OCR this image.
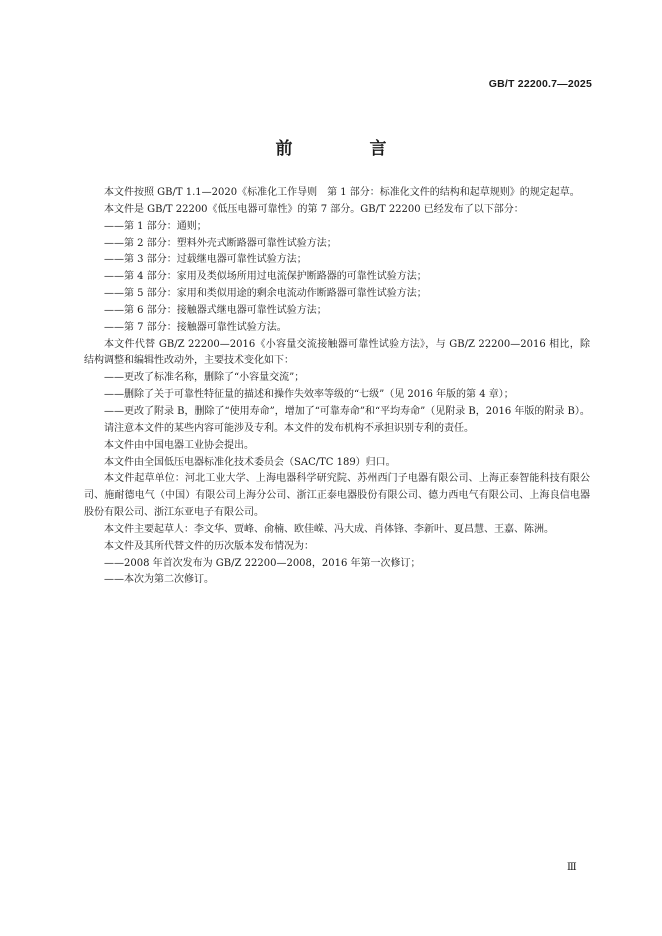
GB/T 22200.7—2025
前　言

本文件按照 GB/T 1.1—2020《标准化工作导则　第 1 部分：标准化文件的结构和起草规则》的规定起草。

本文件是 GB/T 22200《低压电器可靠性》的第 7 部分。GB/T 22200 已经发布了以下部分：

——第 1 部分：通则；

——第 2 部分：塑料外壳式断路器可靠性试验方法；

——第 3 部分：过载继电器可靠性试验方法；

——第 4 部分：家用及类似场所用过电流保护断路器的可靠性试验方法；

——第 5 部分：家用和类似用途的剩余电流动作断路器可靠性试验方法；

——第 6 部分：接触器式继电器可靠性试验方法；

——第 7 部分：接触器可靠性试验方法。

本文件代替 GB/Z 22200—2016《小容量交流接触器可靠性试验方法》，与 GB/Z 22200—2016 相比，除结构调整和编辑性改动外，主要技术变化如下：

——更改了标准名称，删除了“小容量交流”；

——删除了关于可靠性特征量的描述和操作失效率等级的“七级”（见 2016 年版的第 4 章）；

——更改了附录 B，删除了“使用寿命”，增加了“可靠寿命”和“平均寿命”（见附录 B，2016 年版的附录 B）。

请注意本文件的某些内容可能涉及专利。本文件的发布机构不承担识别专利的责任。

本文件由中国电器工业协会提出。

本文件由全国低压电器标准化技术委员会（SAC/TC 189）归口。

本文件起草单位：河北工业大学、上海电器科学研究院、苏州西门子电器有限公司、上海正泰智能科技有限公司、施耐德电气（中国）有限公司上海分公司、浙江正泰电器股份有限公司、德力西电气有限公司、上海良信电器股份有限公司、浙江东亚电子有限公司。

本文件主要起草人：李文华、贾峰、俞楠、欧佳嵘、冯大成、肖体锋、李新叶、夏昌慧、王嘉、陈洲。

本文件及其所代替文件的历次版本发布情况为：

——2008 年首次发布为 GB/Z 22200—2008，2016 年第一次修订；

——本次为第二次修订。

Ⅲ
